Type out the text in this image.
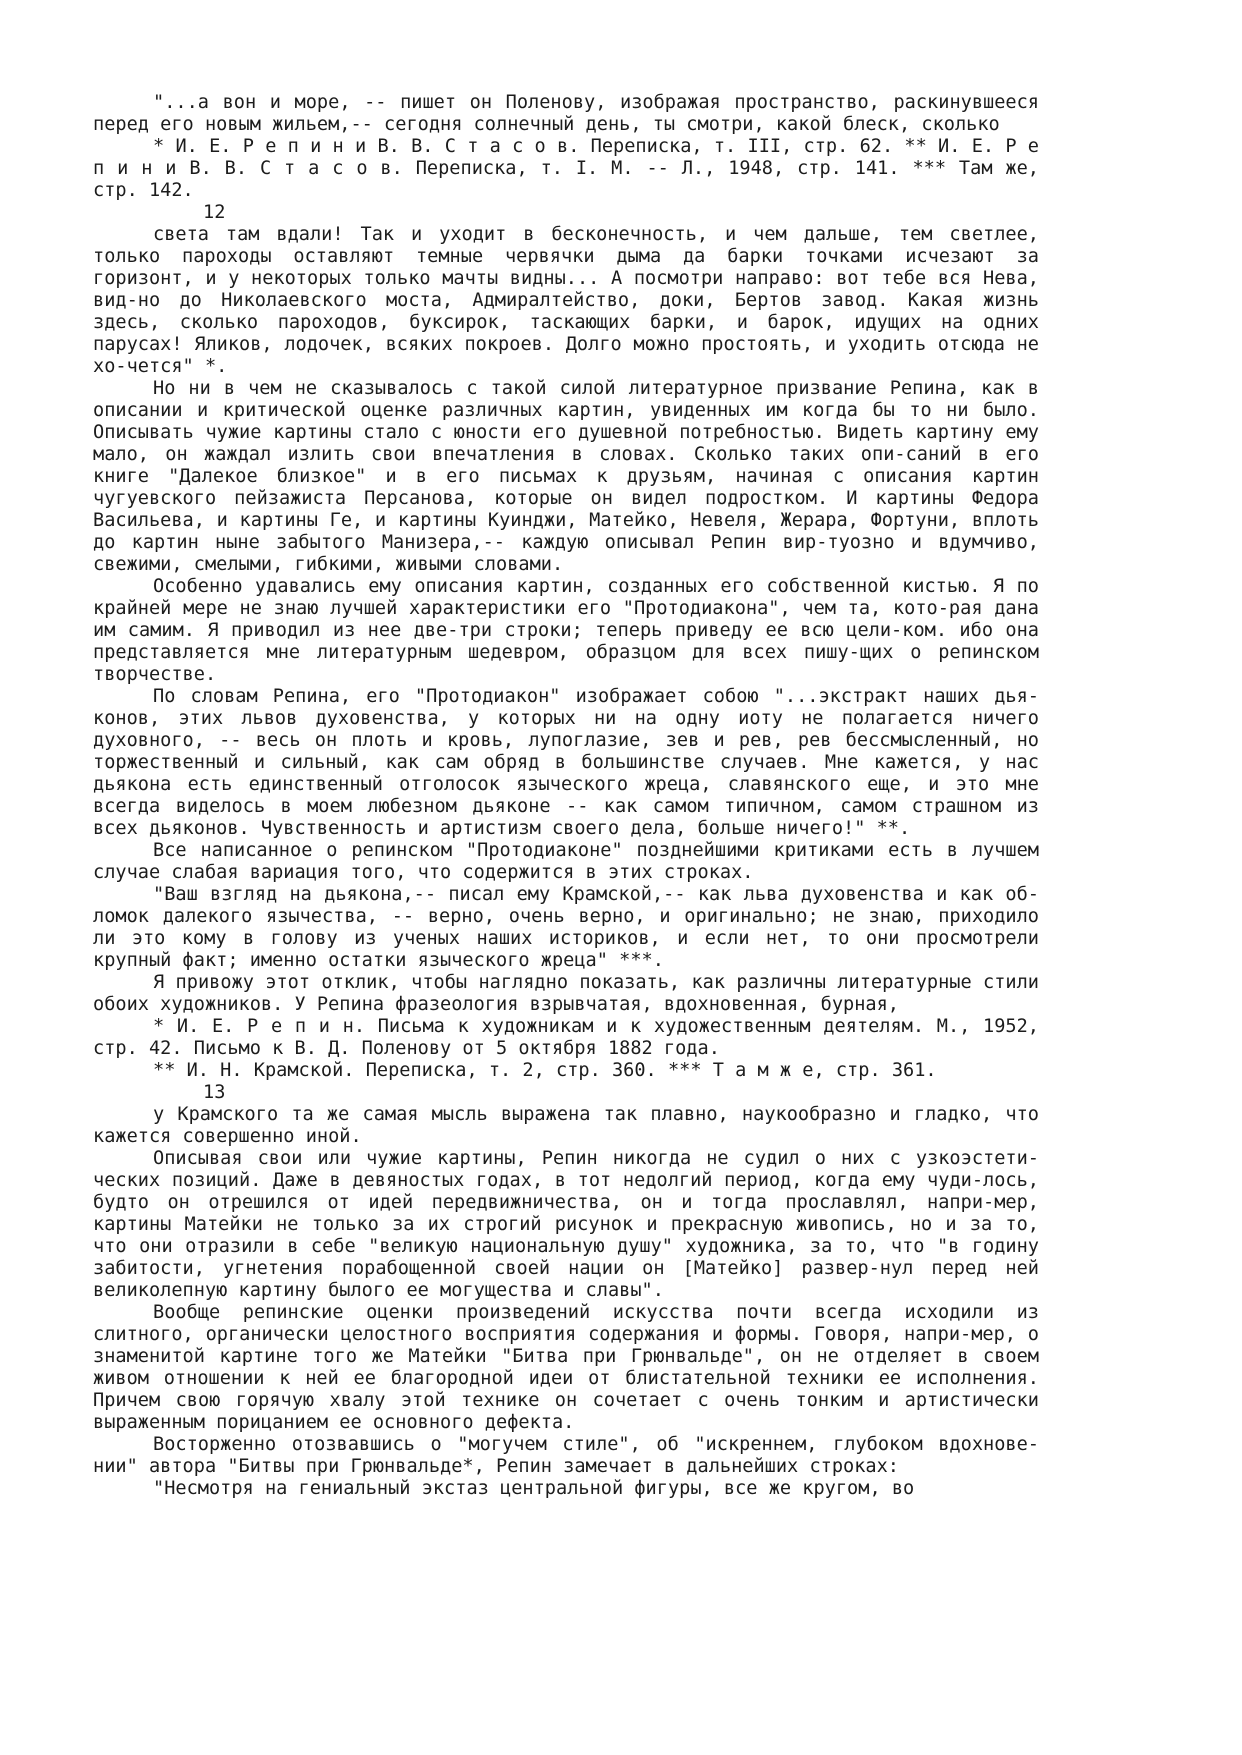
"...а вон и море, -- пишет он Поленову, изображая пространство, раскинувшееся перед его новым жильем,-- сегодня солнечный день, ты смотри, какой блеск, сколько

* И. Е. Р е п и н и В. В. С т а с о в. Переписка, т. III, стр. 62. ** И. Е. Р е п и н и В. В. С т а с о в. Переписка, т. I. М. -- Л., 1948, стр. 141. *** Там же, стр. 142.

12

света там вдали! Так и уходит в бесконечность, и чем дальше, тем светлее, только пароходы оставляют темные червячки дыма да барки точками исчезают за горизонт, и у некоторых только мачты видны... А посмотри направо: вот тебе вся Нева, вид-но до Николаевского моста, Адмиралтейство, доки, Бертов завод. Какая жизнь здесь, сколько пароходов, буксирок, таскающих барки, и барок, идущих на одних парусах! Яликов, лодочек, всяких покроев. Долго можно простоять, и уходить отсюда не хо-чется" *.

Но ни в чем не сказывалось с такой силой литературное призвание Репина, как в описании и критической оценке различных картин, увиденных им когда бы то ни было. Описывать чужие картины стало с юности его душевной потребностью. Видеть картину ему мало, он жаждал излить свои впечатления в словах. Сколько таких опи-саний в его книге "Далекое близкое" и в его письмах к друзьям, начиная с описания картин чугуевского пейзажиста Персанова, которые он видел подростком. И картины Федора Васильева, и картины Ге, и картины Куинджи, Матейко, Невеля, Жерара, Фортуни, вплоть до картин ныне забытого Манизера,-- каждую описывал Репин вир-туозно и вдумчиво, свежими, смелыми, гибкими, живыми словами.

Особенно удавались ему описания картин, созданных его собственной кистью. Я по крайней мере не знаю лучшей характеристики его "Протодиакона", чем та, кото-рая дана им самим. Я приводил из нее две-три строки; теперь приведу ее всю цели-ком. ибо она представляется мне литературным шедевром, образцом для всех пишу-щих о репинском творчестве.

По словам Репина, его "Протодиакон" изображает собою "...экстракт наших дья-конов, этих львов духовенства, у которых ни на одну иоту не полагается ничего духовного, -- весь он плоть и кровь, лупоглазие, зев и рев, рев бессмысленный, но торжественный и сильный, как сам обряд в большинстве случаев. Мне кажется, у нас дьякона есть единственный отголосок языческого жреца, славянского еще, и это мне всегда виделось в моем любезном дьяконе -- как самом типичном, самом страшном из всех дьяконов. Чувственность и артистизм своего дела, больше ничего!" **.

Все написанное о репинском "Протодиаконе" позднейшими критиками есть в лучшем случае слабая вариация того, что содержится в этих строках.

"Ваш взгляд на дьякона,-- писал ему Крамской,-- как льва духовенства и как об-ломок далекого язычества, -- верно, очень верно, и оригинально; не знаю, приходило ли это кому в голову из ученых наших историков, и если нет, то они просмотрели крупный факт; именно остатки языческого жреца" ***.

Я привожу этот отклик, чтобы наглядно показать, как различны литературные стили обоих художников. У Репина фразеология взрывчатая, вдохновенная, бурная,

* И. Е. Р е п и н. Письма к художникам и к художественным деятелям. М., 1952, стр. 42. Письмо к В. Д. Поленову от 5 октября 1882 года.

** И. Н. Крамской. Переписка, т. 2, стр. 360. *** Т а м ж е, стр. 361.

13

у Крамского та же самая мысль выражена так плавно, наукообразно и гладко, что кажется совершенно иной.

Описывая свои или чужие картины, Репин никогда не судил о них с узкоэстети-ческих позиций. Даже в девяностых годах, в тот недолгий период, когда ему чуди-лось, будто он отрешился от идей передвижничества, он и тогда прославлял, напри-мер, картины Матейки не только за их строгий рисунок и прекрасную живопись, но и за то, что они отразили в себе "великую национальную душу" художника, за то, что "в годину забитости, угнетения порабощенной своей нации он [Матейко] развер-нул перед ней великолепную картину былого ее могущества и славы".

Вообще репинские оценки произведений искусства почти всегда исходили из слитного, органически целостного восприятия содержания и формы. Говоря, напри-мер, о знаменитой картине того же Матейки "Битва при Грюнвальде", он не отделяет в своем живом отношении к ней ее благородной идеи от блистательной техники ее исполнения. Причем свою горячую хвалу этой технике он сочетает с очень тонким и артистически выраженным порицанием ее основного дефекта.

Восторженно отозвавшись о "могучем стиле", об "искреннем, глубоком вдохнове-нии" автора "Битвы при Грюнвальде*, Репин замечает в дальнейших строках:

"Несмотря на гениальный экстаз центральной фигуры, все же кругом, во
